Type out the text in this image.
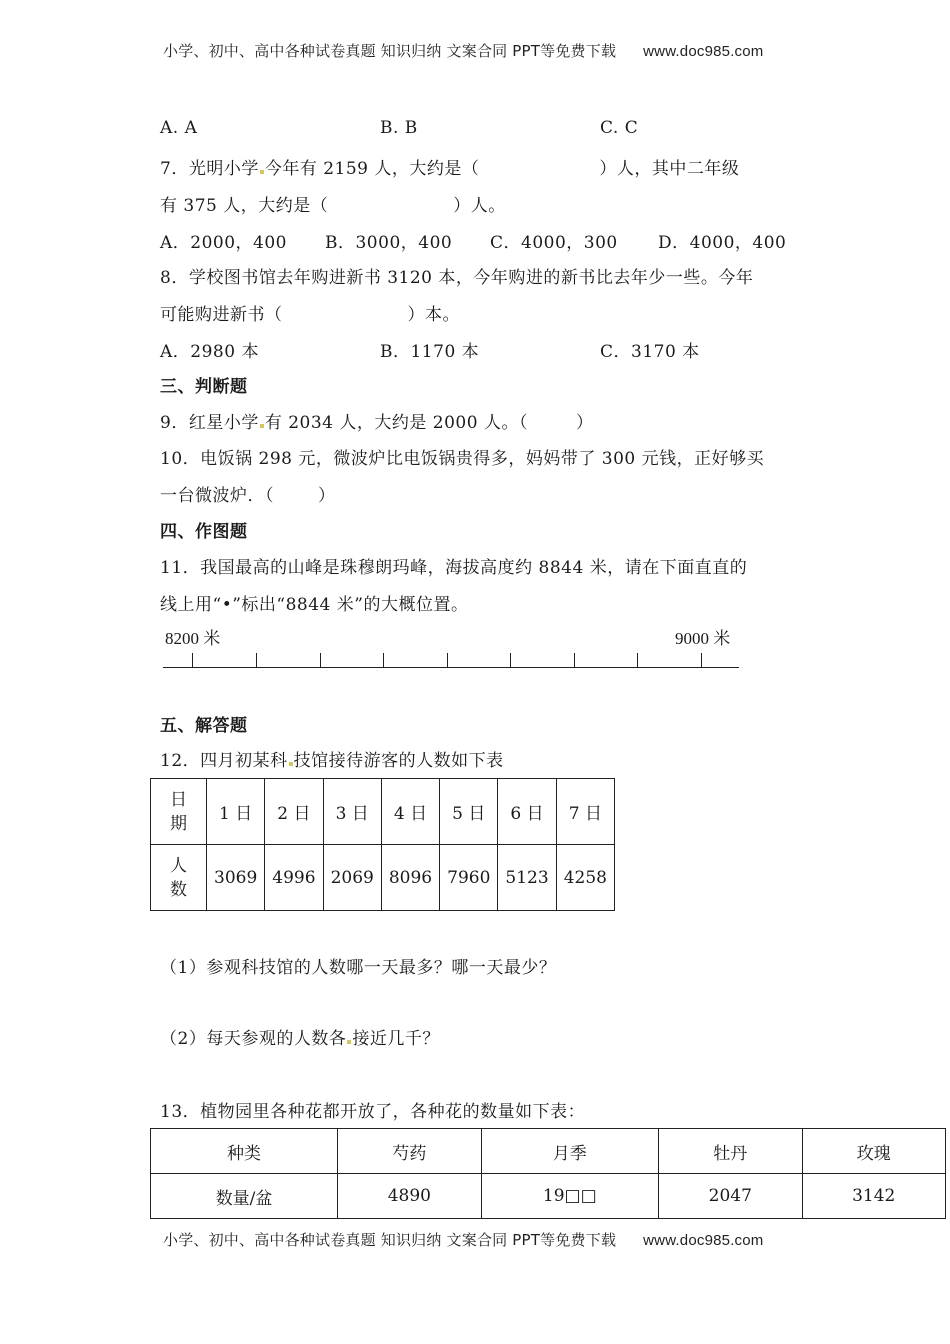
小学、初中、高中各种试卷真题 知识归纳 文案合同 PPT等免费下载 www.doc985.com
A. A	B. B	C. C
7．光明小学 今年有 2159 人，大约是（	）人，其中二年级
有 375 人，大约是（	）人。
A．2000，400 B．3000，400 C．4000，300 D．4000，400
8．学校图书馆去年购进新书 3120 本，今年购进的新书比去年少一些。今年
可能购进新书（	）本。
A．2980 本	B．1170 本	C．3170 本
三、判断题
9．红星小学 有 2034 人，大约是 2000 人。（	）
10．电饭锅 298 元，微波炉比电饭锅贵得多，妈妈带了 300 元钱，正好够买
一台微波炉．（	）
四、作图题
11．我国最高的山峰是珠穆朗玛峰，海拔高度约 8844 米，请在下面直直的
线上用“•”标出“8844 米”的大概位置。
8200 米	9000 米
五、解答题
12．四月初某科 技馆接待游客的人数如下表
日
期	1 日	2 日	3 日	4 日	5 日	6 日	7 日

人
数	3069	4996	2069	8096	7960	5123	4258
（1）参观科技馆的人数哪一天最多？哪一天最少？
（2）每天参观的人数各 接近几千？
13．植物园里各种花都开放了，各种花的数量如下表：
种类	芍药	月季	牡丹	玫瑰
数量/盆	4890	19□□	2047	3142
小学、初中、高中各种试卷真题 知识归纳 文案合同 PPT等免费下载 www.doc985.com
